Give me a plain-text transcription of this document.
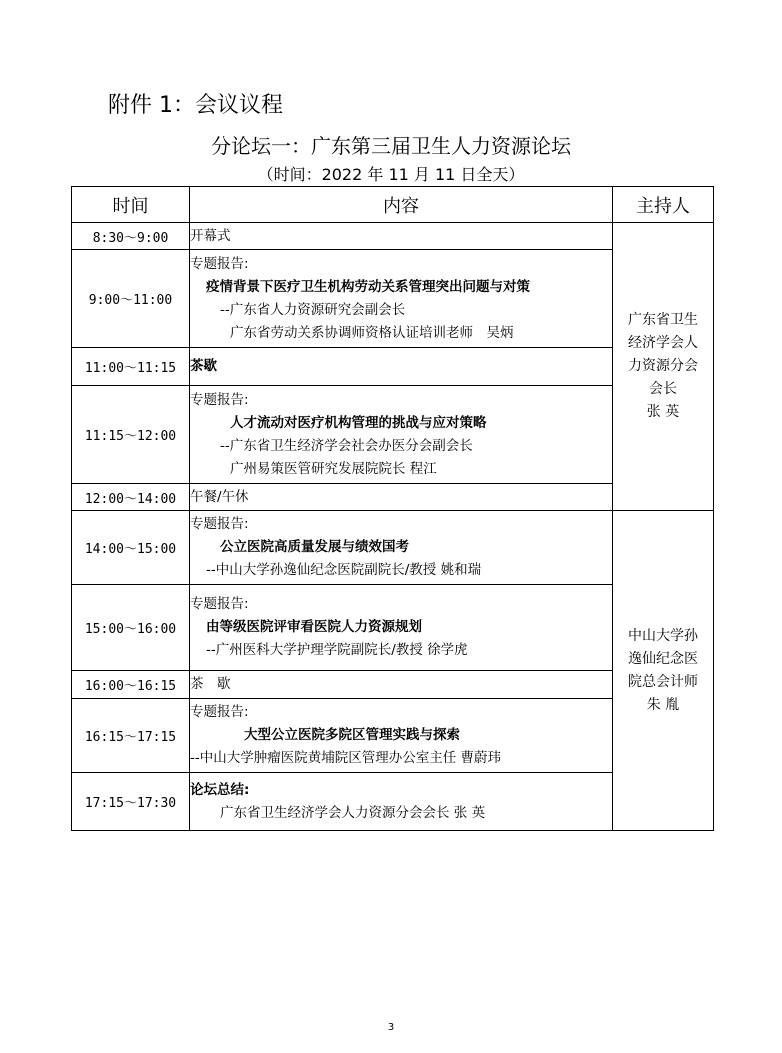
附件 1：会议议程
分论坛一：广东第三届卫生人力资源论坛
（时间：2022 年 11 月 11 日全天）
时间	内容	主持人
8:30～9:00	开幕式	广东省卫生
经济学会人
力资源分会
会长
张 英

9:00～11:00	专题报告:
疫情背景下医疗卫生机构劳动关系管理突出问题与对策
--广东省人力资源研究会副会长
广东省劳动关系协调师资格认证培训老师　吴炳	

11:00～11:15	茶歇	

11:15～12:00	专题报告:
人才流动对医疗机构管理的挑战与应对策略
--广东省卫生经济学会社会办医分会副会长
广州易策医管研究发展院院长 程江	

12:00～14:00	午餐/午休	

14:00～15:00	专题报告:
公立医院高质量发展与绩效国考
--中山大学孙逸仙纪念医院副院长/教授 姚和瑞	中山大学孙
逸仙纪念医
院总会计师
朱 胤

15:00～16:00	专题报告:
由等级医院评审看医院人力资源规划
--广州医科大学护理学院副院长/教授 徐学虎	

16:00～16:15	茶　歇	

16:15～17:15	专题报告:
大型公立医院多院区管理实践与探索
--中山大学肿瘤医院黄埔院区管理办公室主任 曹蔚玮	

17:15～17:30	论坛总结:
广东省卫生经济学会人力资源分会会长 张 英	
3
